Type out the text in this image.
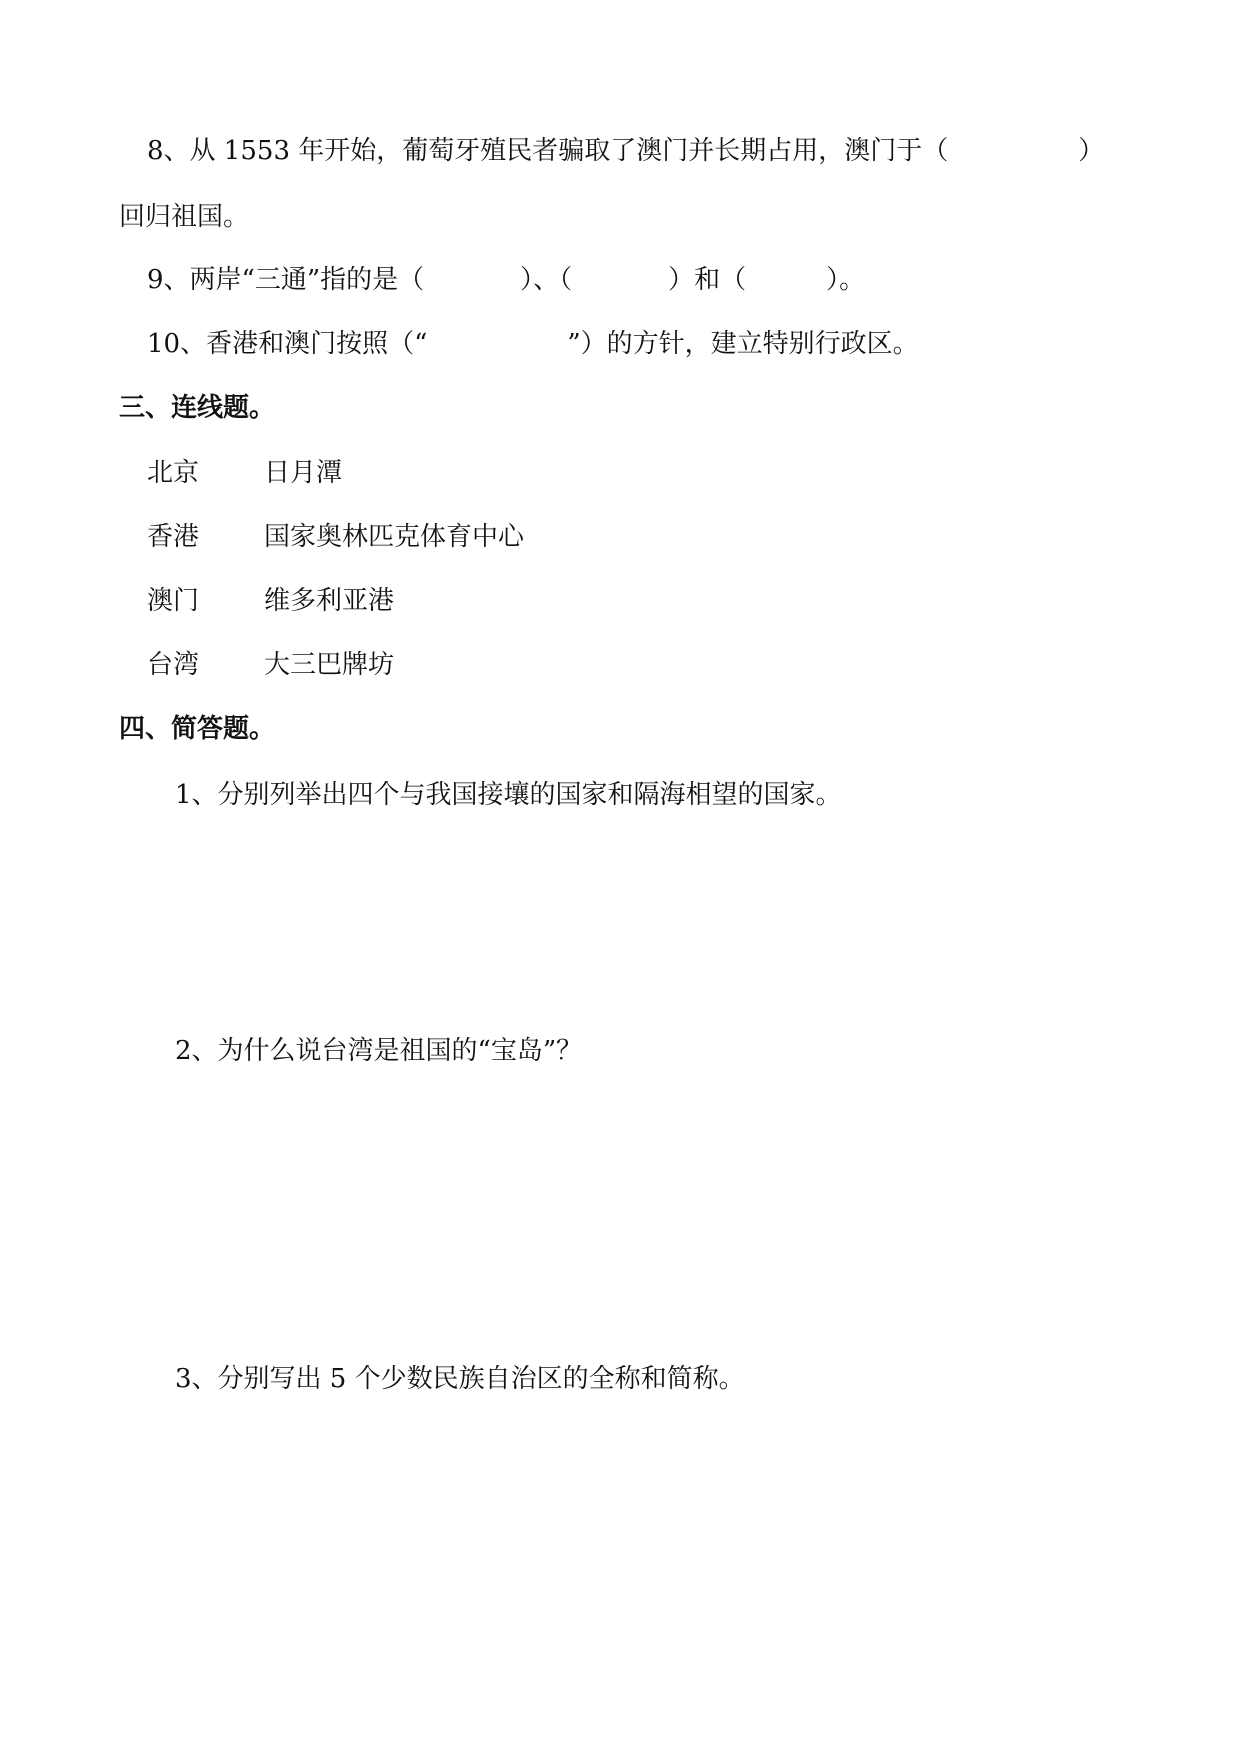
8、从 1553 年开始，葡萄牙殖民者骗取了澳门并长期占用，澳门于（	）
回归祖国。
9、两岸“三通”指的是（	）、（	）和（	）。
10、香港和澳门按照（“	”）的方针，建立特别行政区。
三、连线题。
北京 日月潭
香港 国家奥林匹克体育中心
澳门 维多利亚港
台湾 大三巴牌坊
四、简答题。
1、分别列举出四个与我国接壤的国家和隔海相望的国家。
2、为什么说台湾是祖国的“宝岛”？
3、分别写出 5 个少数民族自治区的全称和简称。
